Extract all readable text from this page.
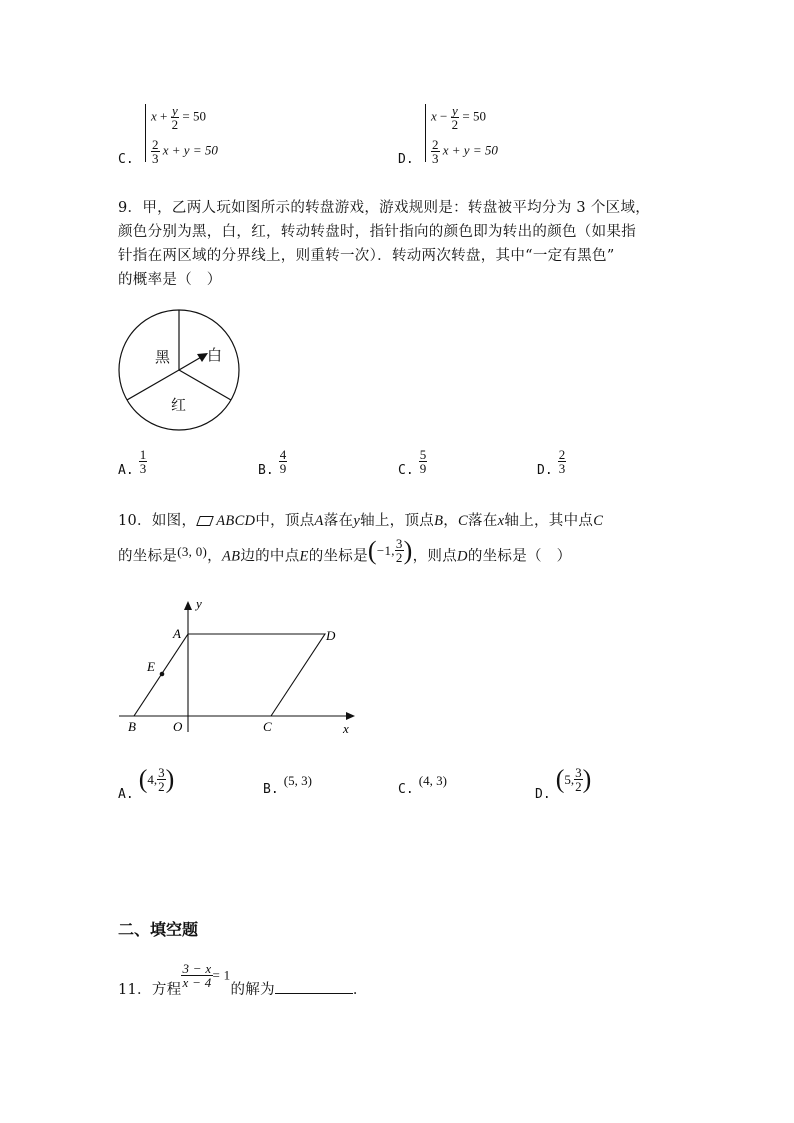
C.
$x + \frac{y}{2} = 50$
$\frac{2}{3}$ x + y = 50
D.
$x - \frac{y}{2} = 50$
$\frac{2}{3}$ x + y = 50
9．甲，乙两人玩如图所示的转盘游戏，游戏规则是：转盘被平均分为 3 个区域，
颜色分别为黑，白，红，转动转盘时，指针指向的颜色即为转出的颜色（如果指
针指在两区域的分界线上，则重转一次）．转动两次转盘，其中“一定有黑色”
的概率是（　）
黑 白
红
A. $\frac{1}{3}$	B. $\frac{4}{9}$	C. $\frac{5}{9}$	D. $\frac{2}{3}$
10．如图， ABCD中，顶点A落在y轴上，顶点B，C落在x轴上，其中点C
的坐标是(3, 0)，AB边的中点E的坐标是(−1, $\frac{3}{2}$ )，则点D的坐标是（　）
y
x
A	D
E
B	O	C
$_{A.}$ (4, $\frac{3}{2}$ )	$_{B.}$ (5, 3)
$_{C.}$ (4, 3)
$_{D.}$ (5, $\frac{3}{2}$ )
二、填空题
11．方程
$\frac{3 - x}{x - 4} = 1$的解为	．
